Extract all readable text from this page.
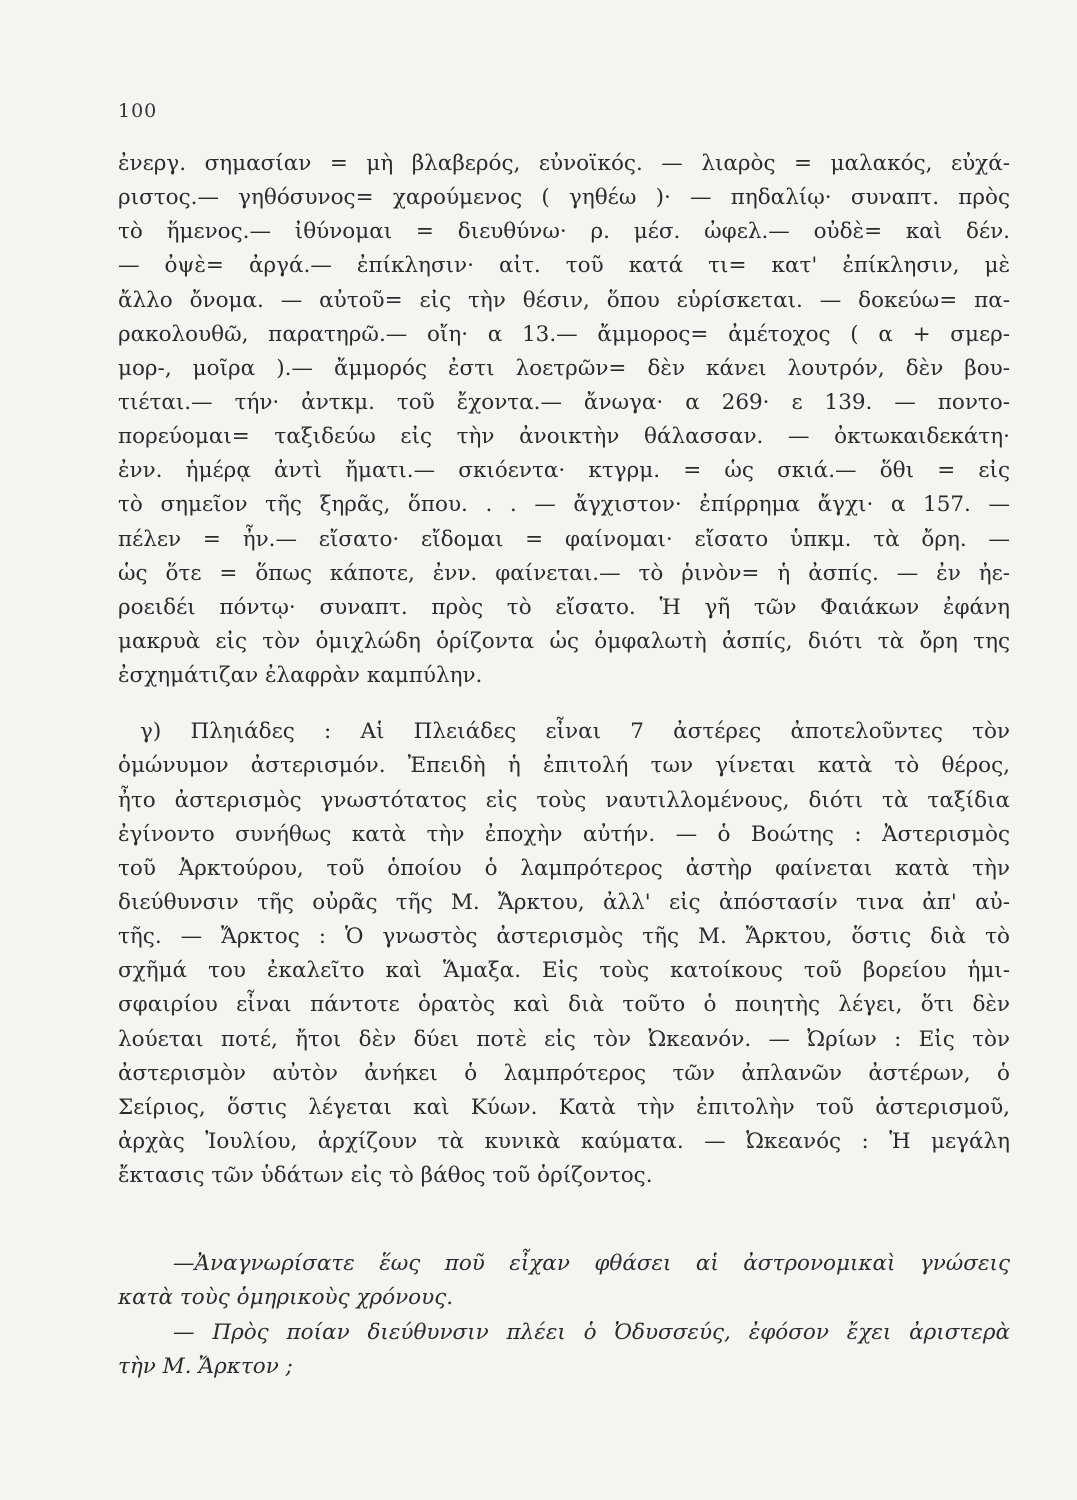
100
ἐνεργ. σημασίαν = μὴ βλαβερός, εὐνοϊκός. — λιαρὸς = μαλακός, εὐχά-
ριστος.— γηθόσυνος= χαρούμενος ( γηθέω )· — πηδαλίῳ· συναπτ. πρὸς
τὸ ἥμενος.— ἰθύνομαι = διευθύνω· ρ. μέσ. ὠφελ.— οὐδὲ= καὶ δέν.
— ὀψὲ= ἀργά.— ἐπίκλησιν· αἰτ. τοῦ κατά τι= κατ' ἐπίκλησιν, μὲ
ἄλλο ὄνομα. — αὐτοῦ= εἰς τὴν θέσιν, ὅπου εὑρίσκεται. — δοκεύω= πα-
ρακολουθῶ, παρατηρῶ.— οἴη· α 13.— ἄμμορος= ἀμέτοχος ( α + σμερ-
μορ-, μοῖρα ).— ἄμμορός ἐστι λοετρῶν= δὲν κάνει λουτρόν, δὲν βου-
τιέται.— τήν· ἀντκμ. τοῦ ἔχοντα.— ἄνωγα· α 269· ε 139. — ποντο-
πορεύομαι= ταξιδεύω εἰς τὴν ἀνοικτὴν θάλασσαν. — ὀκτωκαιδεκάτη·
ἐνν. ἡμέρᾳ ἀντὶ ἤματι.— σκιόεντα· κτγρμ. = ὡς σκιά.— ὅθι = εἰς
τὸ σημεῖον τῆς ξηρᾶς, ὅπου. . . — ἄγχιστον· ἐπίρρημα ἄγχι· α 157. —
πέλεν = ἦν.— εἴσατο· εἴδομαι = φαίνομαι· εἴσατο ὑπκμ. τὰ ὄρη. —
ὡς ὅτε = ὅπως κάποτε, ἐνν. φαίνεται.— τὸ ῥινὸν= ἡ ἀσπίς. — ἐν ἠε-
ροειδέι πόντῳ· συναπτ. πρὸς τὸ εἴσατο. Ἡ γῆ τῶν Φαιάκων ἐφάνη
μακρυὰ εἰς τὸν ὁμιχλώδη ὁρίζοντα ὡς ὀμφαλωτὴ ἀσπίς, διότι τὰ ὄρη της
ἐσχημάτιζαν ἐλαφρὰν καμπύλην.
γ) Πληιάδες : Αἱ Πλειάδες εἶναι 7 ἀστέρες ἀποτελοῦντες τὸν
ὁμώνυμον ἀστερισμόν. Ἐπειδὴ ἡ ἐπιτολή των γίνεται κατὰ τὸ θέρος,
ἦτο ἀστερισμὸς γνωστότατος εἰς τοὺς ναυτιλλομένους, διότι τὰ ταξίδια
ἐγίνοντο συνήθως κατὰ τὴν ἐποχὴν αὐτήν. — ὁ Βοώτης : Ἀστερισμὸς
τοῦ Ἀρκτούρου, τοῦ ὁποίου ὁ λαμπρότερος ἀστὴρ φαίνεται κατὰ τὴν
διεύθυνσιν τῆς οὐρᾶς τῆς Μ. Ἄρκτου, ἀλλ' εἰς ἀπόστασίν τινα ἀπ' αὐ-
τῆς. — Ἄρκτος : Ὁ γνωστὸς ἀστερισμὸς τῆς Μ. Ἄρκτου, ὅστις διὰ τὸ
σχῆμά του ἐκαλεῖτο καὶ Ἅμαξα. Εἰς τοὺς κατοίκους τοῦ βορείου ἡμι-
σφαιρίου εἶναι πάντοτε ὁρατὸς καὶ διὰ τοῦτο ὁ ποιητὴς λέγει, ὅτι δὲν
λούεται ποτέ, ἤτοι δὲν δύει ποτὲ εἰς τὸν Ὠκεανόν. — Ὠρίων : Εἰς τὸν
ἀστερισμὸν αὐτὸν ἀνήκει ὁ λαμπρότερος τῶν ἀπλανῶν ἀστέρων, ὁ
Σείριος, ὅστις λέγεται καὶ Κύων. Κατὰ τὴν ἐπιτολὴν τοῦ ἀστερισμοῦ,
ἀρχὰς Ἰουλίου, ἀρχίζουν τὰ κυνικὰ καύματα. — Ὠκεανός : Ἡ μεγάλη
ἔκτασις τῶν ὑδάτων εἰς τὸ βάθος τοῦ ὁρίζοντος.
—Ἀναγνωρίσατε ἕως ποῦ εἶχαν φθάσει αἱ ἀστρονομικαὶ γνώσεις
κατὰ τοὺς ὁμηρικοὺς χρόνους.
— Πρὸς ποίαν διεύθυνσιν πλέει ὁ Ὀδυσσεύς, ἐφόσον ἔχει ἀριστερὰ
τὴν Μ. Ἄρκτον ;
